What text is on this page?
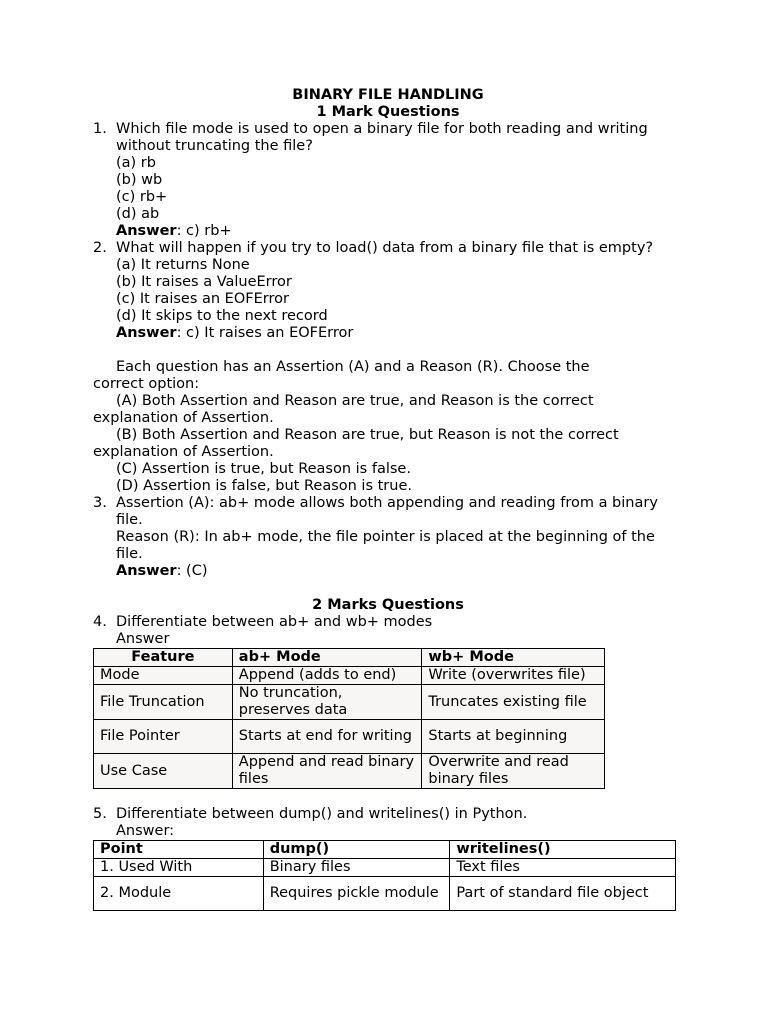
BINARY FILE HANDLING
1 Mark Questions
1. Which file mode is used to open a binary file for both reading and writing without truncating the file?
(a) rb
(b) wb
(c) rb+
(d) ab
Answer: c) rb+
2. What will happen if you try to load() data from a binary file that is empty?
(a) It returns None
(b) It raises a ValueError
(c) It raises an EOFError
(d) It skips to the next record
Answer: c) It raises an EOFError
Each question has an Assertion (A) and a Reason (R). Choose the
correct option:
(A) Both Assertion and Reason are true, and Reason is the correct
explanation of Assertion.
(B) Both Assertion and Reason are true, but Reason is not the correct
explanation of Assertion.
(C) Assertion is true, but Reason is false.
(D) Assertion is false, but Reason is true.
3. Assertion (A): ab+ mode allows both appending and reading from a binary file.
Reason (R): In ab+ mode, the file pointer is placed at the beginning of the file.
Answer: (C)
2 Marks Questions
4. Differentiate between ab+ and wb+ modes
Answer
Feature	ab+ Mode	wb+ Mode
Mode	Append (adds to end)	Write (overwrites file)
File Truncation	No truncation, preserves data	Truncates existing file
File Pointer	Starts at end for writing	Starts at beginning
Use Case	Append and read binary files	Overwrite and read binary files
5. Differentiate between dump() and writelines() in Python.
Answer:
Point	dump()	writelines()
1. Used With	Binary files	Text files
2. Module	Requires pickle module	Part of standard file object
